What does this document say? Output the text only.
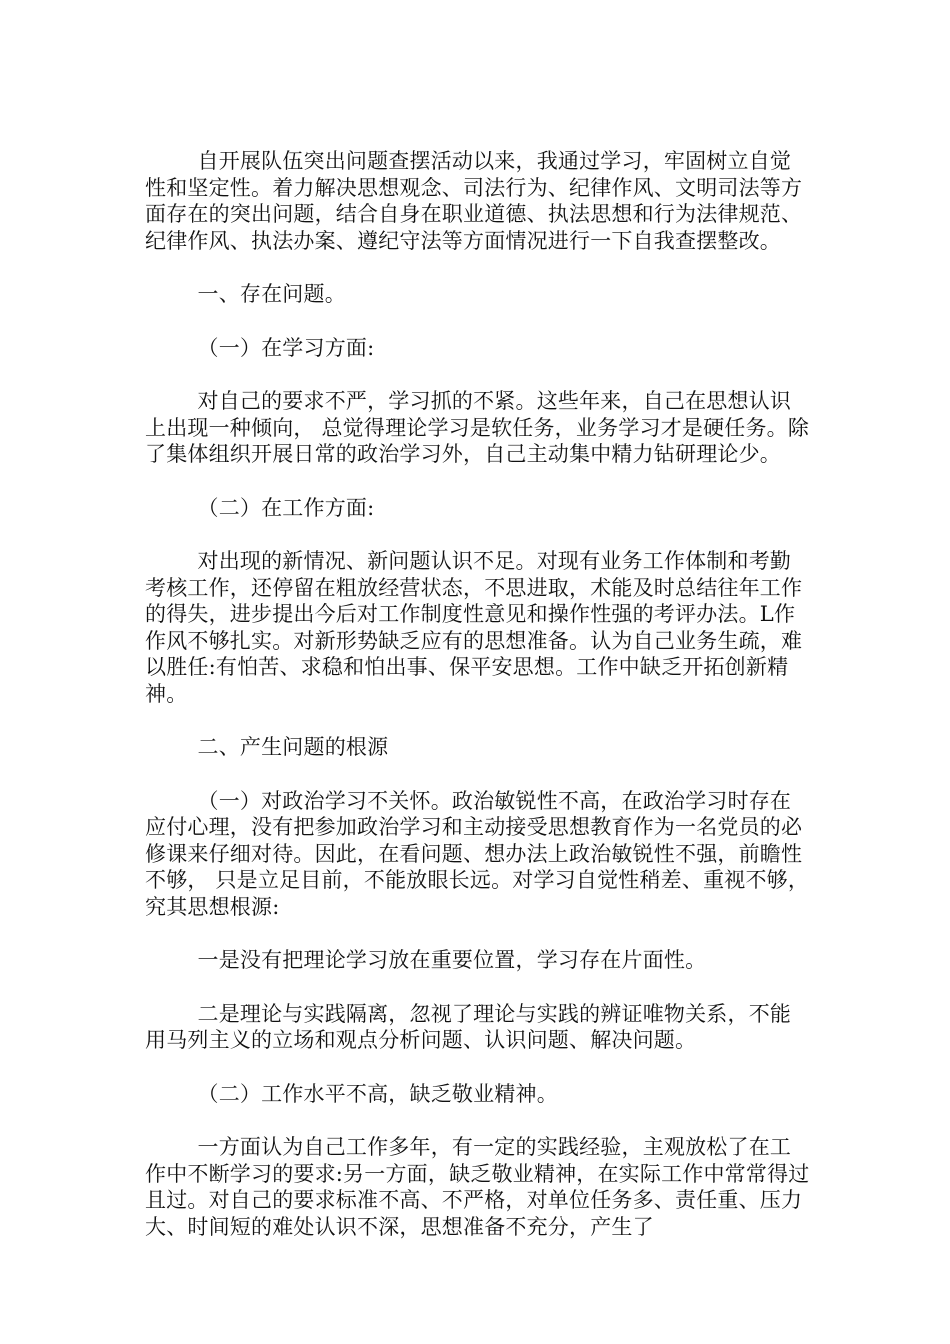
自开展队伍突出问题查摆活动以来，我通过学习，牢固树立自觉性和坚定性。着力解决思想观念、司法行为、纪律作风、文明司法等方面存在的突出问题，结合自身在职业道德、执法思想和行为法律规范、纪律作风、执法办案、遵纪守法等方面情况进行一下自我查摆整改。

一、存在问题。

（一）在学习方面:

对自己的要求不严，学习抓的不紧。这些年来，自己在思想认识上出现一种倾向， 总觉得理论学习是软任务，业务学习才是硬任务。除了集体组织开展日常的政治学习外，自己主动集中精力钻研理论少。

（二）在工作方面:

对出现的新情况、新问题认识不足。对现有业务工作体制和考勤考核工作，还停留在粗放经营状态，不思进取，术能及时总结往年工作的得失，进步提出今后对工作制度性意见和操作性强的考评办法。L作作风不够扎实。对新形势缺乏应有的思想准备。认为自己业务生疏，难以胜任:有怕苦、求稳和怕出事、保平安思想。工作中缺乏开拓创新精神。

二、产生问题的根源

（一）对政治学习不关怀。政治敏锐性不高，在政治学习时存在应付心理，没有把参加政治学习和主动接受思想教育作为一名党员的必修课来仔细对待。因此，在看问题、想办法上政治敏锐性不强，前瞻性不够， 只是立足目前，不能放眼长远。对学习自觉性稍差、重视不够，究其思想根源:

一是没有把理论学习放在重要位置，学习存在片面性。

二是理论与实践隔离，忽视了理论与实践的辨证唯物关系，不能用马列主义的立场和观点分析问题、认识问题、解决问题。

（二）工作水平不高，缺乏敬业精神。

一方面认为自己工作多年，有一定的实践经验，主观放松了在工作中不断学习的要求:另一方面，缺乏敬业精神，在实际工作中常常得过且过。对自己的要求标准不高、不严格，对单位任务多、责任重、压力大、时间短的难处认识不深，思想准备不充分，产生了
